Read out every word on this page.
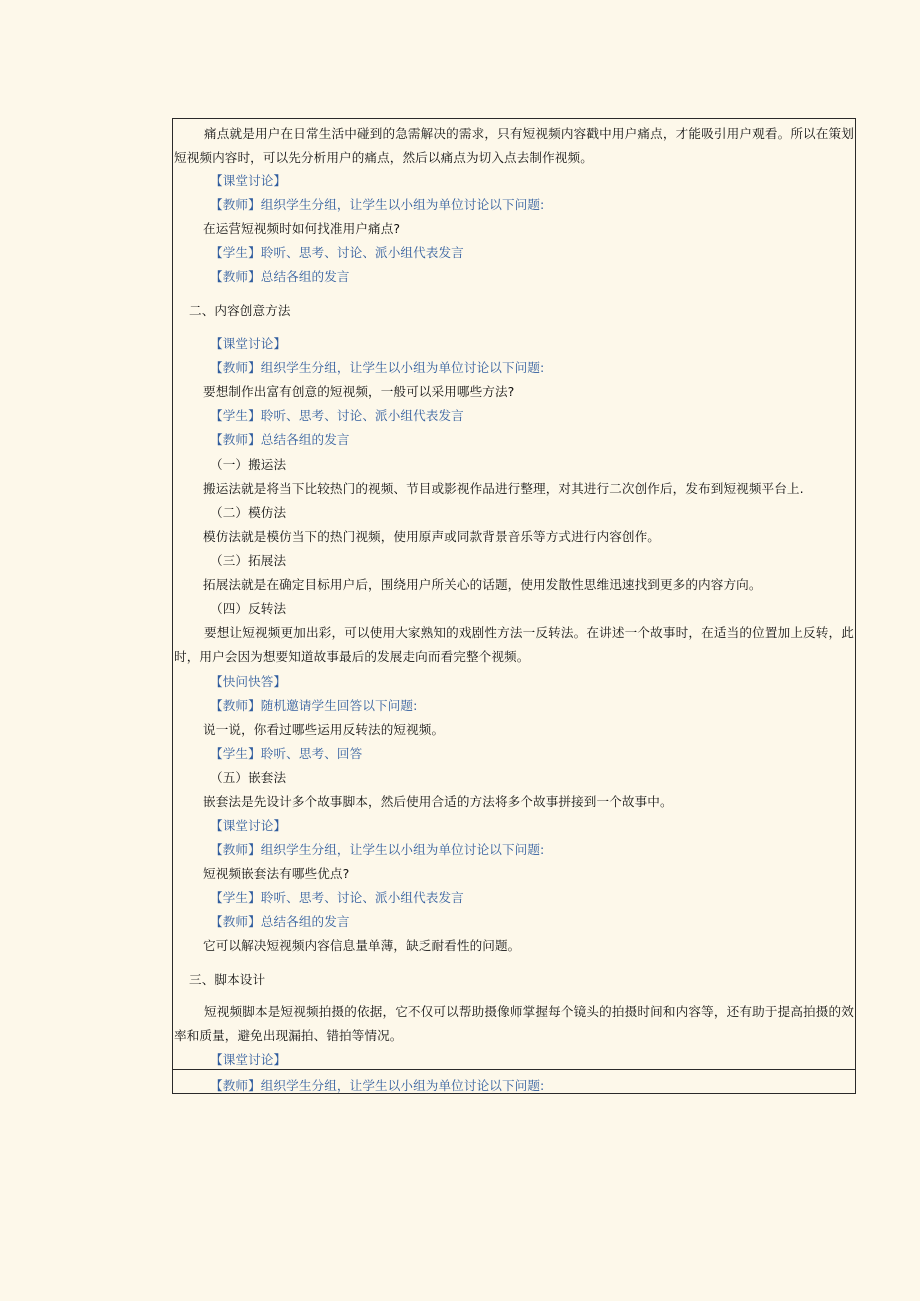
痛点就是用户在日常生活中碰到的急需解决的需求，只有短视频内容戳中用户痛点，才能吸引用户观看。所以在策划短视频内容时，可以先分析用户的痛点，然后以痛点为切入点去制作视频。
【课堂讨论】
【教师】组织学生分组，让学生以小组为单位讨论以下问题:
在运营短视频时如何找准用户痛点?
【学生】聆听、思考、讨论、派小组代表发言
【教师】总结各组的发言
二、内容创意方法
【课堂讨论】
【教师】组织学生分组，让学生以小组为单位讨论以下问题:
要想制作出富有创意的短视频，一般可以采用哪些方法?
【学生】聆听、思考、讨论、派小组代表发言
【教师】总结各组的发言
（一）搬运法
搬运法就是将当下比较热门的视频、节目或影视作品进行整理，对其进行二次创作后，发布到短视频平台上.
（二）模仿法
模仿法就是模仿当下的热门视频，使用原声或同款背景音乐等方式进行内容创作。
（三）拓展法
拓展法就是在确定目标用户后，围绕用户所关心的话题，使用发散性思维迅速找到更多的内容方向。
（四）反转法
要想让短视频更加出彩，可以使用大家熟知的戏剧性方法一反转法。在讲述一个故事时，在适当的位置加上反转，此时，用户会因为想要知道故事最后的发展走向而看完整个视频。
【快问快答】
【教师】随机邀请学生回答以下问题:
说一说，你看过哪些运用反转法的短视频。
【学生】聆听、思考、回答
（五）嵌套法
嵌套法是先设计多个故事脚本，然后使用合适的方法将多个故事拼接到一个故事中。
【课堂讨论】
【教师】组织学生分组，让学生以小组为单位讨论以下问题:
短视频嵌套法有哪些优点?
【学生】聆听、思考、讨论、派小组代表发言
【教师】总结各组的发言
它可以解决短视频内容信息量单薄，缺乏耐看性的问题。
三、脚本设计
短视频脚本是短视频拍摄的依据，它不仅可以帮助摄像师掌握每个镜头的拍摄时间和内容等，还有助于提高拍摄的效率和质量，避免出现漏拍、错拍等情况。
【课堂讨论】
【教师】组织学生分组，让学生以小组为单位讨论以下问题:
